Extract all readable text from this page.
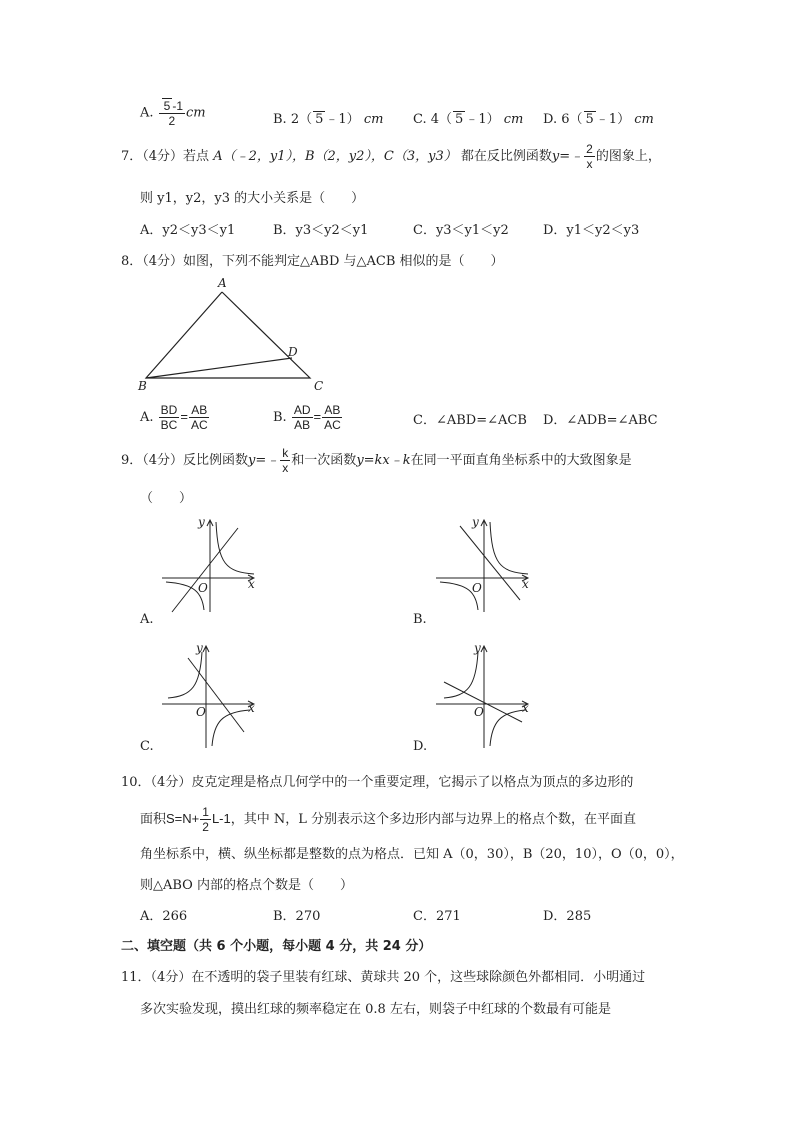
A. $\frac{5 -1}{2}$ cm	B. 2（ 5 ﹣1） cm C. 4（ 5 ﹣1） cm D. 6（ 5 ﹣1） cm
7．（4分）若点 A（﹣2，y1），B（2，y2），C（3，y3） 都在反比例函数y=﹣ $\frac{2}{x}$ 的图象上，
则 y1，y2，y3 的大小关系是（　　）
A．y2＜y3＜y1	B．y3＜y2＜y1	C．y3＜y1＜y2	D．y1＜y2＜y3
8．（4分）如图，下列不能判定△ABD 与△ACB 相似的是（　　）
A
B	C
D
A. $\frac{BD}{BC} = \frac{AB}{AC}$	B. $\frac{AD}{AB} = \frac{AB}{AC}$	C．∠ABD=∠ACB D．∠ADB=∠ABC
9．（4分）反比例函数y=﹣ $\frac{k}{x}$ 和一次函数y=kx﹣k在同一平面直角坐标系中的大致图象是
（　　）
y
x
O
A.
y
x
O
B.
y
x
O
C.
y
x
O
D.
10．（4分）皮克定理是格点几何学中的一个重要定理，它揭示了以格点为顶点的多边形的
面积$S=N+ \frac{1}{2} L-1$，其中 N，L 分别表示这个多边形内部与边界上的格点个数，在平面直
角坐标系中，横、纵坐标都是整数的点为格点．已知 A（0，30），B（20，10），O（0，0），
则△ABO 内部的格点个数是（　　）
A．266	B．270	C．271	D．285
二、填空题（共 6 个小题，每小题 4 分，共 24 分）
11．（4分）在不透明的袋子里装有红球、黄球共 20 个，这些球除颜色外都相同．小明通过
多次实验发现，摸出红球的频率稳定在 0.8 左右，则袋子中红球的个数最有可能是
